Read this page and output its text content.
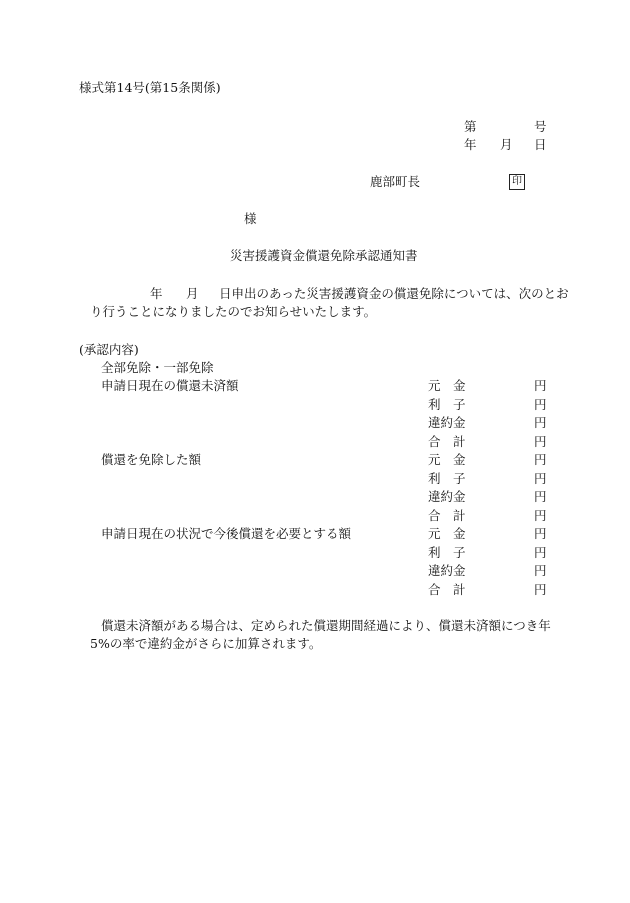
様式第14号(第15条関係)
第	号
年 月 日
鹿部町長	印
様
災害援護資金償還免除承認通知書
年 月 日申出のあった災害援護資金の償還免除については、次のとお
り行うことになりましたのでお知らせいたします。
(承認内容)
全部免除・一部免除
申請日現在の償還未済額	元　金	円
利　子	円
違約金	円
合　計	円
償還を免除した額	元　金	円
利　子	円
違約金	円
合　計	円
申請日現在の状況で今後償還を必要とする額	元　金	円
利　子	円
違約金	円
合　計	円
償還未済額がある場合は、定められた償還期間経過により、償還未済額につき年
5%の率で違約金がさらに加算されます。
